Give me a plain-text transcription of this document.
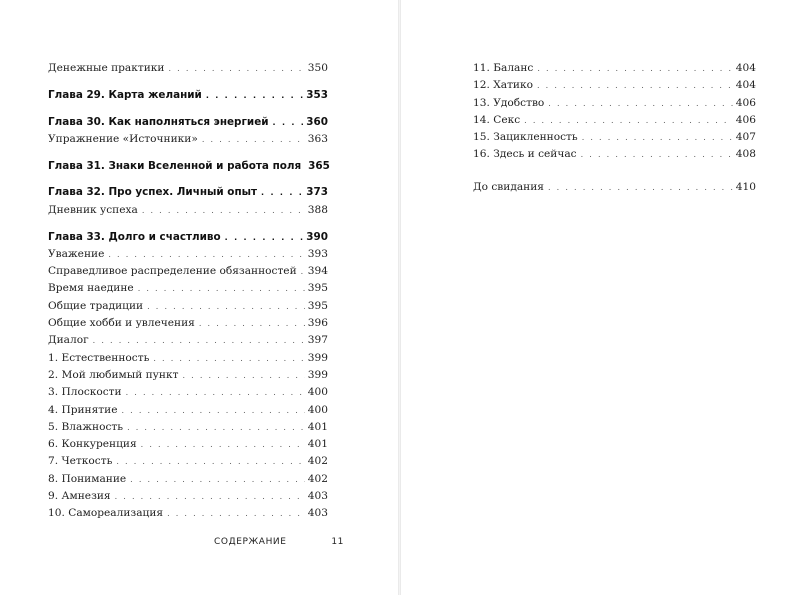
Денежные практики . . .	350
Глава 29. Карта желаний . . .	353
Глава 30. Как наполняться энергией . . .	360
Упражнение «Источники» . . .	363
Глава 31. Знаки Вселенной и работа поля 365
Глава 32. Про успех. Личный опыт . . .	373
Дневник успеха . . .	388
Глава 33. Долго и счастливо . . .	390
Уважение . . .	393
Справедливое распределение обязанностей . . . 394
Время наедине . . .	395
Общие традиции . . .	395
Общие хобби и увлечения . . .	396
Диалог . . .	397
1. Естественность . . .	399
2. Мой любимый пункт . . .	399
3. Плоскости . . .	400
4. Принятие . . .	400
5. Влажность . . .	401
6. Конкуренция . . .	401
7. Четкость . . .	402
8. Понимание . . .	402
9. Амнезия . . .	403
10. Самореализация . . .	403
СОДЕРЖАНИЕ	11
11. Баланс . . .	404
12. Хатико . . .	404
13. Удобство . . .	406
14. Секс . . .	406
15. Зацикленность . . .	407
16. Здесь и сейчас . . .	408
До свидания . . .	410
